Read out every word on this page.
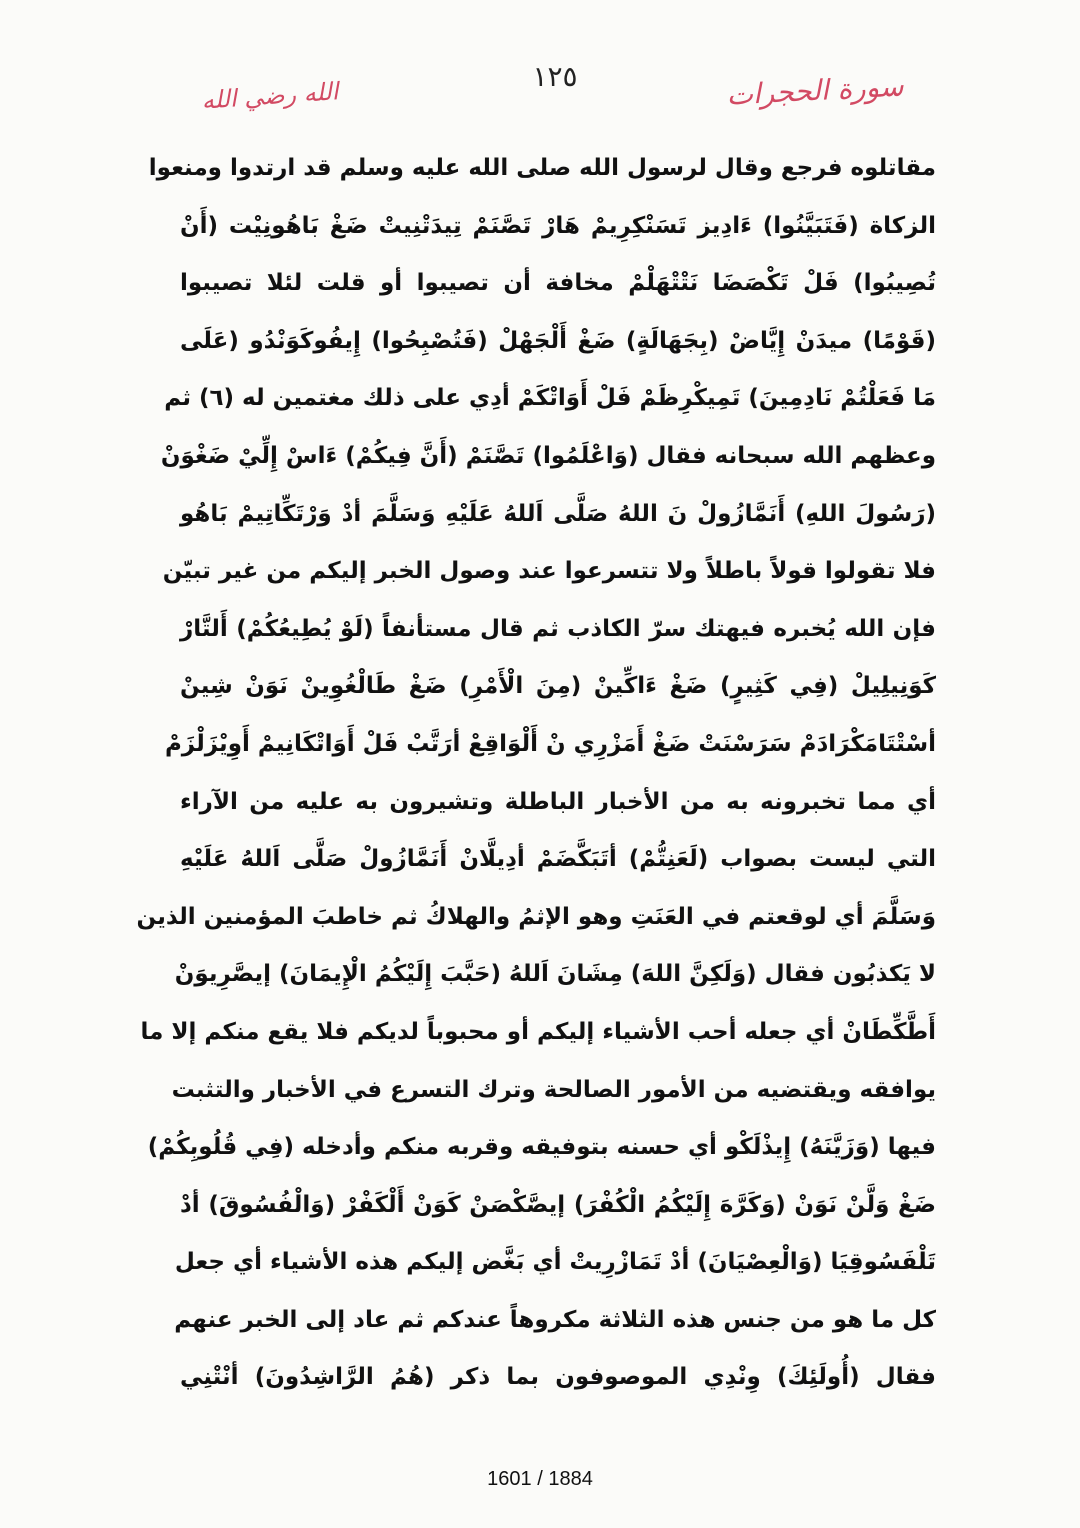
الله رضي الله
١٢٥	سورة الحجرات
مقاتلوه فرجع وقال لرسول الله صلى الله عليه وسلم قد ارتدوا ومنعوا
الزكاة (فَتَبَيَّنُوا) ءَادِيز تَسَنْكِرِيمْ هَارْ تَصَّنَمْ تِيدَتْنِيتْ ضَغْ بَاهُونِيْت (أَنْ
تُصِيبُوا) فَلْ تَكْصَضَا نَتْتْهَلْمْ مخافة أن تصيبوا أو قلت لئلا تصيبوا
(قَوْمًا) ميدَنْ إِيَّاضْ (بِجَهَالَةٍ) ضَغْ أَلْجَهْلْ (فَتُصْبِحُوا) إِيفُوكَوَنْدُو (عَلَى
مَا فَعَلْتُمْ نَادِمِينَ) تَمِيكْرِظَمْ فَلْ أَوَاتْكَمْ أدِي على ذلك مغتمين له (٦) ثم
وعظهم الله سبحانه فقال (وَاعْلَمُوا) تَصَّنَمْ (أَنَّ فِيكُمْ) ءَاسْ إِلِّيْ ضَغْوَنْ
(رَسُولَ اللهِ) أَنَمَّازُولْ نَ اللهُ صَلَّى اَللهُ عَلَيْهِ وَسَلَّمَ أدْ وَرْتَكِّاتِيمْ بَاهُو
فلا تقولوا قولاً باطلاً ولا تتسرعوا عند وصول الخبر إليكم من غير تبيّن
فإن الله يُخبره فيهتك سرّ الكاذب ثم قال مستأنفاً (لَوْ يُطِيعُكُمْ) أَلتَّارْ
كَوَنِيلِيلْ (فِي كَثِيرٍ) ضَغْ ءَاكِّينْ (مِنَ الْأَمْرِ) ضَغْ طَالْغُوِينْ نَوَنْ شِينْ
أسْتْتَامَكْرَادَمْ سَرَسْنَتْ ضَغْ أَمَزْرِي نْ أَلْوَاقِعْ أرَتَّبْ فَلْ أَوَاتْكَانِيمْ أَوِيْزَلْزَمْ
أي مما تخبرونه به من الأخبار الباطلة وتشيرون به عليه من الآراء
التي ليست بصواب (لَعَنِتُّمْ) أتَبَكَّضَمْ أدِيلَّانْ أَنَمَّازُولْ صَلَّى اَللهُ عَلَيْهِ
وَسَلَّمَ أي لوقعتم في العَنَتِ وهو الإثمُ والهلاكُ ثم خاطبَ المؤمنين الذين
لا يَكذبُون فقال (وَلَكِنَّ اللهَ) مِشَانَ اَللهُ (حَبَّبَ إِلَيْكُمُ الْإِيمَانَ) إيصَّرِيوَنْ
أَطَّكِّطَانْ أي جعله أحب الأشياء إليكم أو محبوباً لديكم فلا يقع منكم إلا ما
يوافقه ويقتضيه من الأمور الصالحة وترك التسرع في الأخبار والتثبت
فيها (وَزَيَّنَهُ) إِيذْلَكْو أي حسنه بتوفيقه وقربه منكم وأدخله (فِي قُلُوبِكُمْ)
ضَغْ وَلَّنْ نَوَنْ (وَكَرَّهَ إِلَيْكُمُ الْكُفْرَ) إيصَّكْصَنْ كَوَنْ أَلْكَفْرْ (وَالْفُسُوقَ) أدْ
تَلْفَسُوقِيَا (وَالْعِصْيَانَ) أدْ تَمَازْرِيتْ أي بَغَّض إليكم هذه الأشياء أي جعل
كل ما هو من جنس هذه الثلاثة مكروهاً عندكم ثم عاد إلى الخبر عنهم
فقال (أُولَئِكَ) وِنْدِي الموصوفون بما ذكر (هُمُ الرَّاشِدُونَ) أنْتْنِي
1601 / 1884
